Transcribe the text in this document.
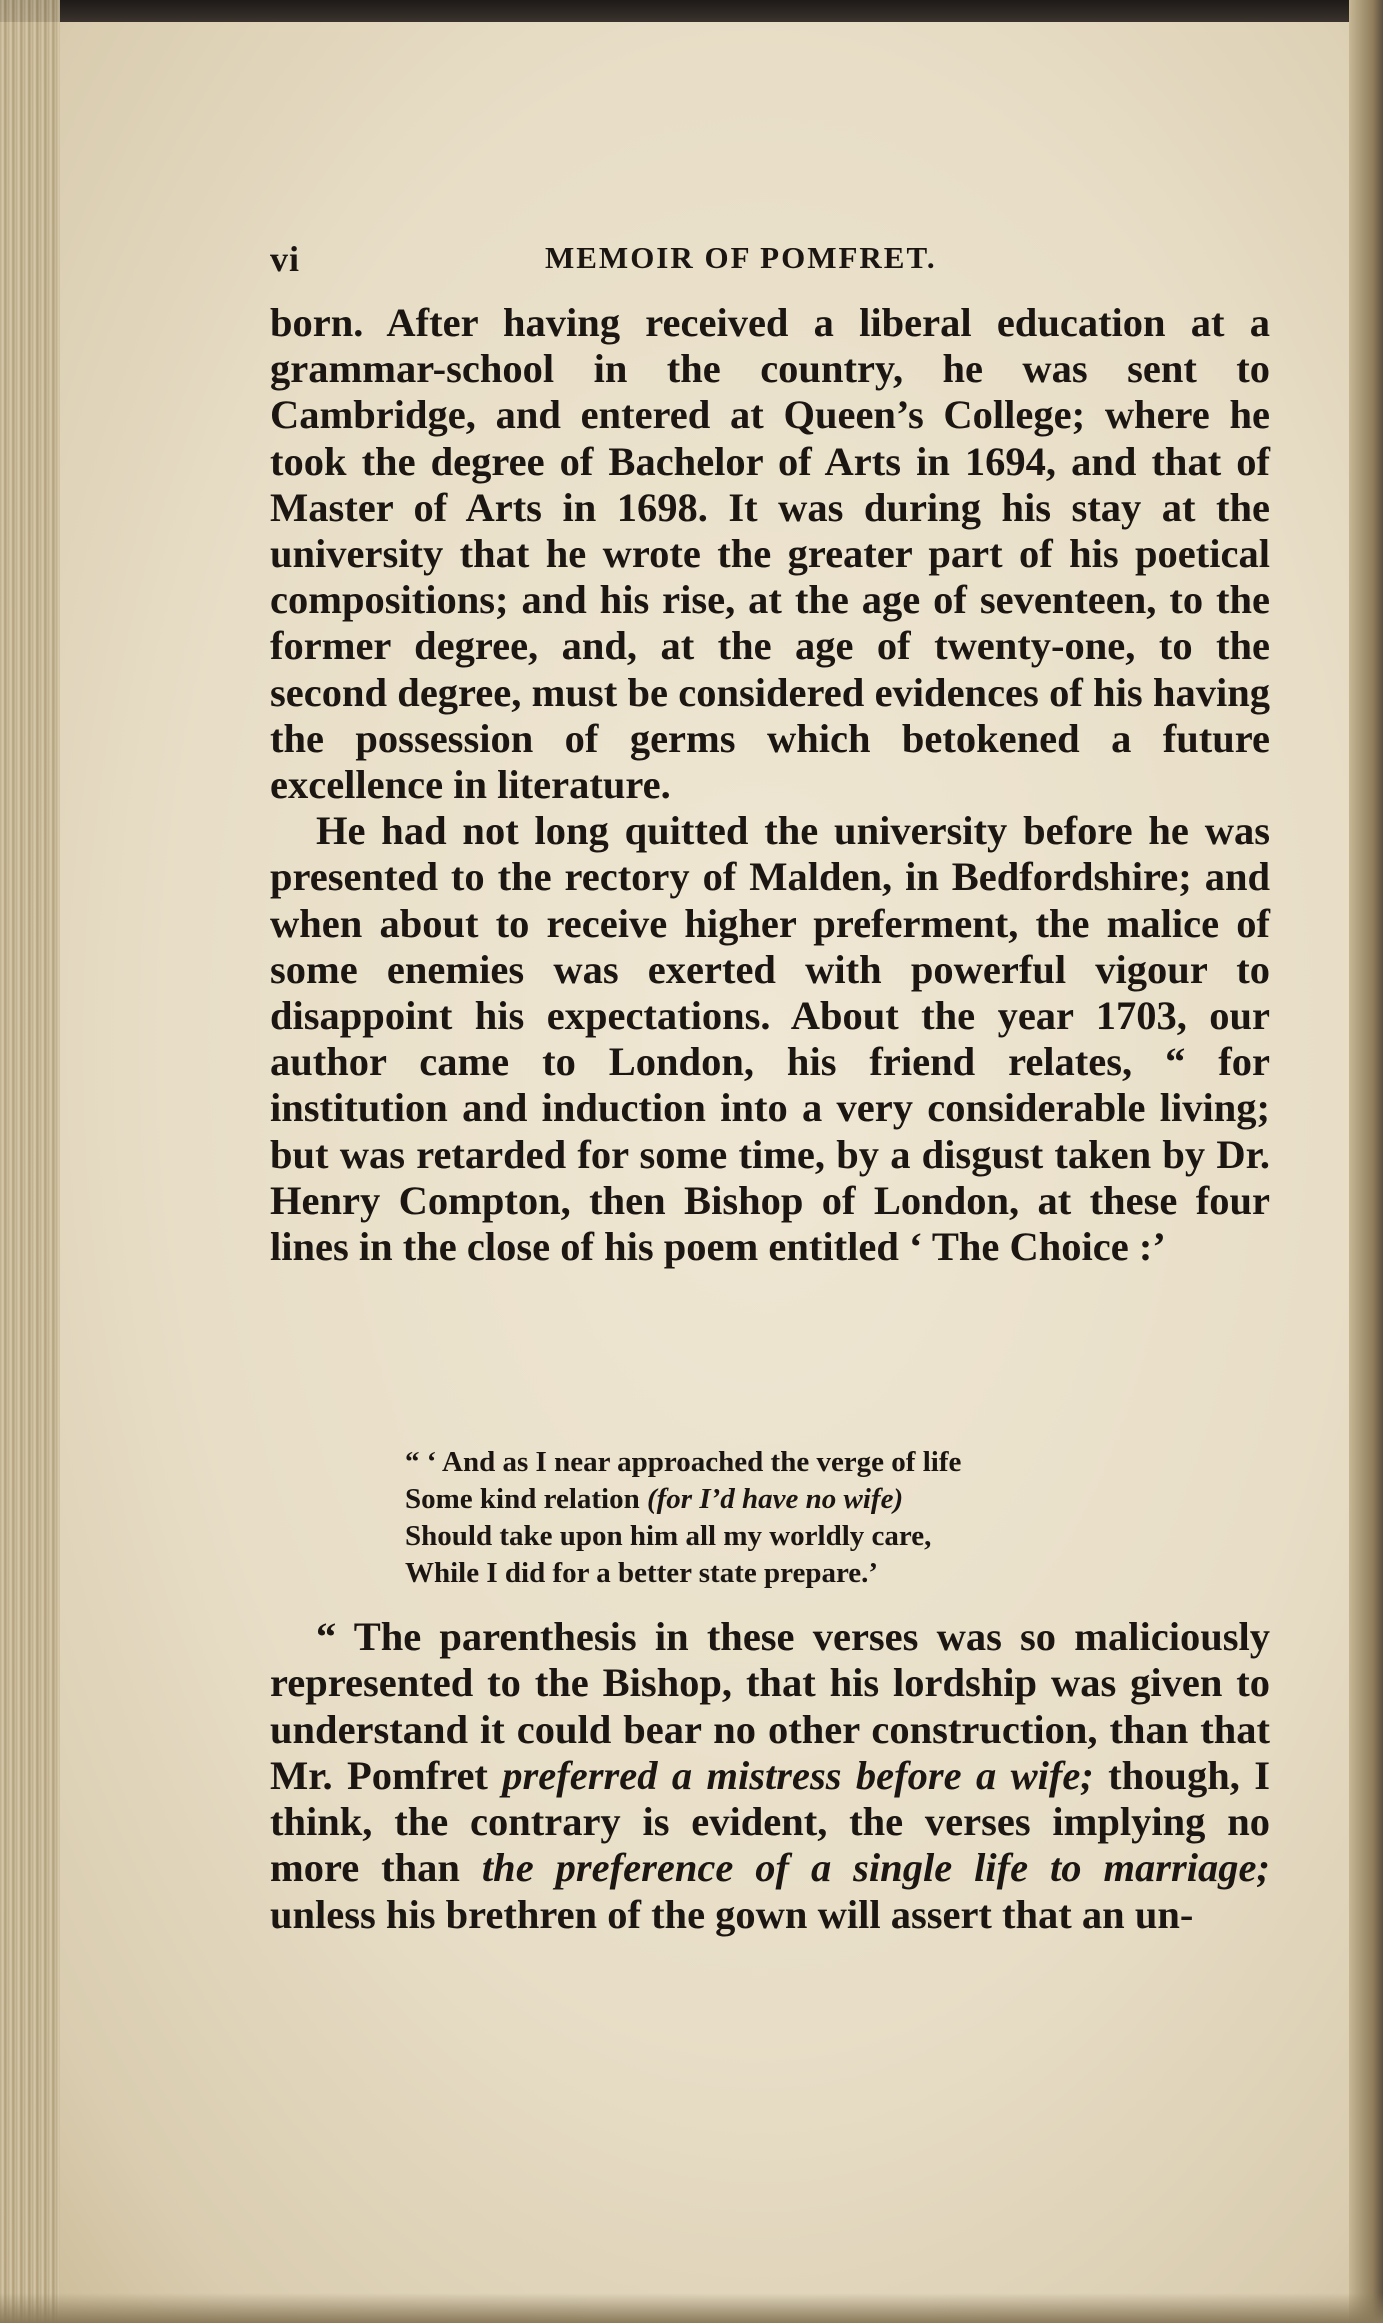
vi	MEMOIR OF POMFRET.

born. After having received a liberal education at a grammar-school in the country, he was sent to Cambridge, and entered at Queen’s College; where he took the degree of Bachelor of Arts in 1694, and that of Master of Arts in 1698. It was during his stay at the university that he wrote the greater part of his poetical compositions; and his rise, at the age of seventeen, to the former degree, and, at the age of twenty-one, to the second degree, must be considered evidences of his having the possession of germs which betokened a future excellence in literature.

He had not long quitted the university before he was presented to the rectory of Malden, in Bedfordshire; and when about to receive higher preferment, the malice of some enemies was exerted with powerful vigour to disappoint his expectations. About the year 1703, our author came to London, his friend relates, “ for institution and induction into a very considerable living; but was retarded for some time, by a disgust taken by Dr. Henry Compton, then Bishop of London, at these four lines in the close of his poem entitled ‘ The Choice :’

“ ‘ And as I near approached the verge of life
Some kind relation (for I’d have no wife)
Should take upon him all my worldly care,
While I did for a better state prepare.’

“ The parenthesis in these verses was so maliciously represented to the Bishop, that his lordship was given to understand it could bear no other construction, than that Mr. Pomfret preferred a mistress before a wife; though, I think, the contrary is evident, the verses implying no more than the preference of a single life to marriage; unless his brethren of the gown will assert that an un-
